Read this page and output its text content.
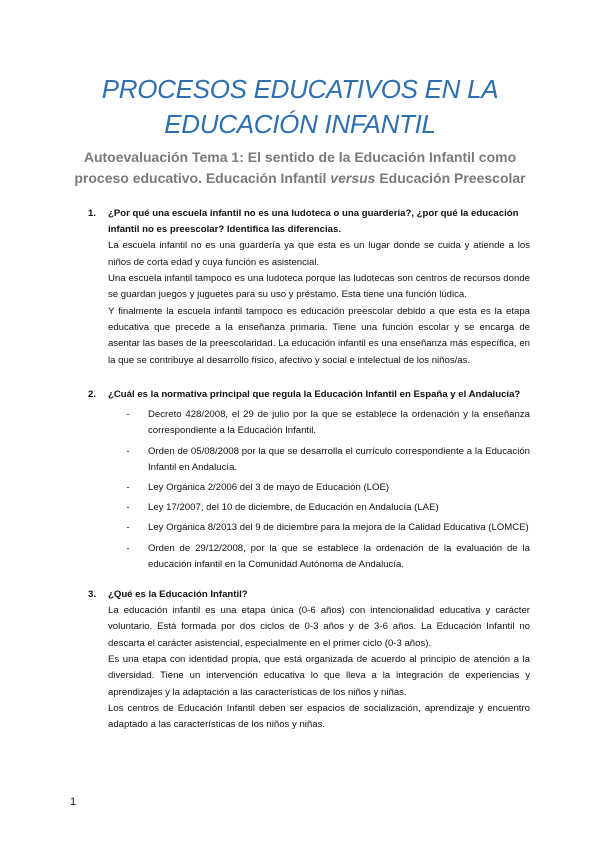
PROCESOS EDUCATIVOS EN LA
EDUCACIÓN INFANTIL
Autoevaluación Tema 1: El sentido de la Educación Infantil como proceso educativo. Educación Infantil versus Educación Preescolar
1.	¿Por qué una escuela infantil no es una ludoteca o una guardería?, ¿por qué la educación infantil no es preescolar? Identifica las diferencias.

La escuela infantil no es una guardería ya que esta es un lugar donde se cuida y atiende a los niños de corta edad y cuya función es asistencial.

Una escuela infantil tampoco es una ludoteca porque las ludotecas son centros de recursos donde se guardan juegos y juguetes para su uso y préstamo. Esta tiene una función lúdica.

Y finalmente la escuela infantil tampoco es educación preescolar debido a que esta es la etapa educativa que precede a la enseñanza primaria. Tiene una función escolar y se encarga de asentar las bases de la preescolaridad. La educación infantil es una enseñanza más específica, en la que se contribuye al desarrollo físico, afectivo y social e intelectual de los niños/as.

2.	¿Cuál es la normativa principal que regula la Educación Infantil en España y el Andalucía?
-	Decreto 428/2008, el 29 de julio por la que se establece la ordenación y la enseñanza correspondiente a la Educación Infantil.
-	Orden de 05/08/2008 por la que se desarrolla el currículo correspondiente a la Educación Infantil en Andalucía.
-	Ley Orgánica 2/2006 del 3 de mayo de Educación (LOE)
-	Ley 17/2007, del 10 de diciembre, de Educación en Andalucía (LAE)
-	Ley Orgánica 8/2013 del 9 de diciembre para la mejora de la Calidad Educativa (LOMCE)
-	Orden de 29/12/2008, por la que se establece la ordenación de la evaluación de la educación infantil en la Comunidad Autónoma de Andalucía.
3.	¿Qué es la Educación Infantil?

La educación infantil es una etapa única (0-6 años) con intencionalidad educativa y carácter voluntario. Está formada por dos ciclos de 0-3 años y de 3-6 años. La Educación Infantil no descarta el carácter asistencial, especialmente en el primer ciclo (0-3 años).

Es una etapa con identidad propia, que está organizada de acuerdo al principio de atención a la diversidad. Tiene un intervención educativa lo que lleva a la integración de experiencias y aprendizajes y la adaptación a las características de los niños y niñas.

Los centros de Educación Infantil deben ser espacios de socialización, aprendizaje y encuentro adaptado a las características de los niños y niñas.

1
